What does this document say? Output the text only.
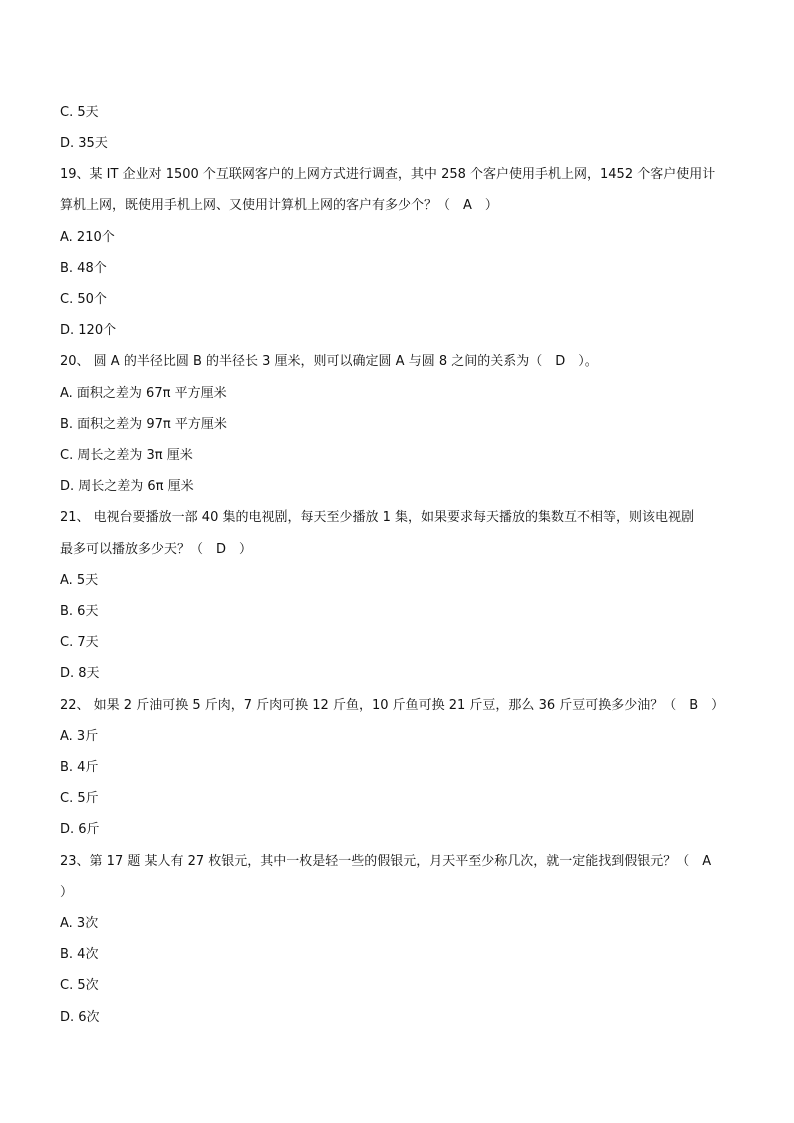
C. 5天
D. 35天
19、某 IT 企业对 1500 个互联网客户的上网方式进行调查，其中 258 个客户使用手机上网，1452 个客户使用计
算机上网，既使用手机上网、又使用计算机上网的客户有多少个？（　A　）
A. 210个
B. 48个
C. 50个
D. 120个
20、 圆 A 的半径比圆 B 的半径长 3 厘米，则可以确定圆 A 与圆 8 之间的关系为（　D　）。
A. 面积之差为 67π 平方厘米
B. 面积之差为 97π 平方厘米
C. 周长之差为 3π 厘米
D. 周长之差为 6π 厘米
21、 电视台要播放一部 40 集的电视剧，每天至少播放 1 集，如果要求每天播放的集数互不相等，则该电视剧
最多可以播放多少天？（　D　）
A. 5天
B. 6天
C. 7天
D. 8天
22、 如果 2 斤油可换 5 斤肉，7 斤肉可换 12 斤鱼，10 斤鱼可换 21 斤豆，那么 36 斤豆可换多少油？（　B　）
A. 3斤
B. 4斤
C. 5斤
D. 6斤
23、第 17 题 某人有 27 枚银元，其中一枚是轻一些的假银元，月天平至少称几次，就一定能找到假银元？（　A
）
A. 3次
B. 4次
C. 5次
D. 6次
